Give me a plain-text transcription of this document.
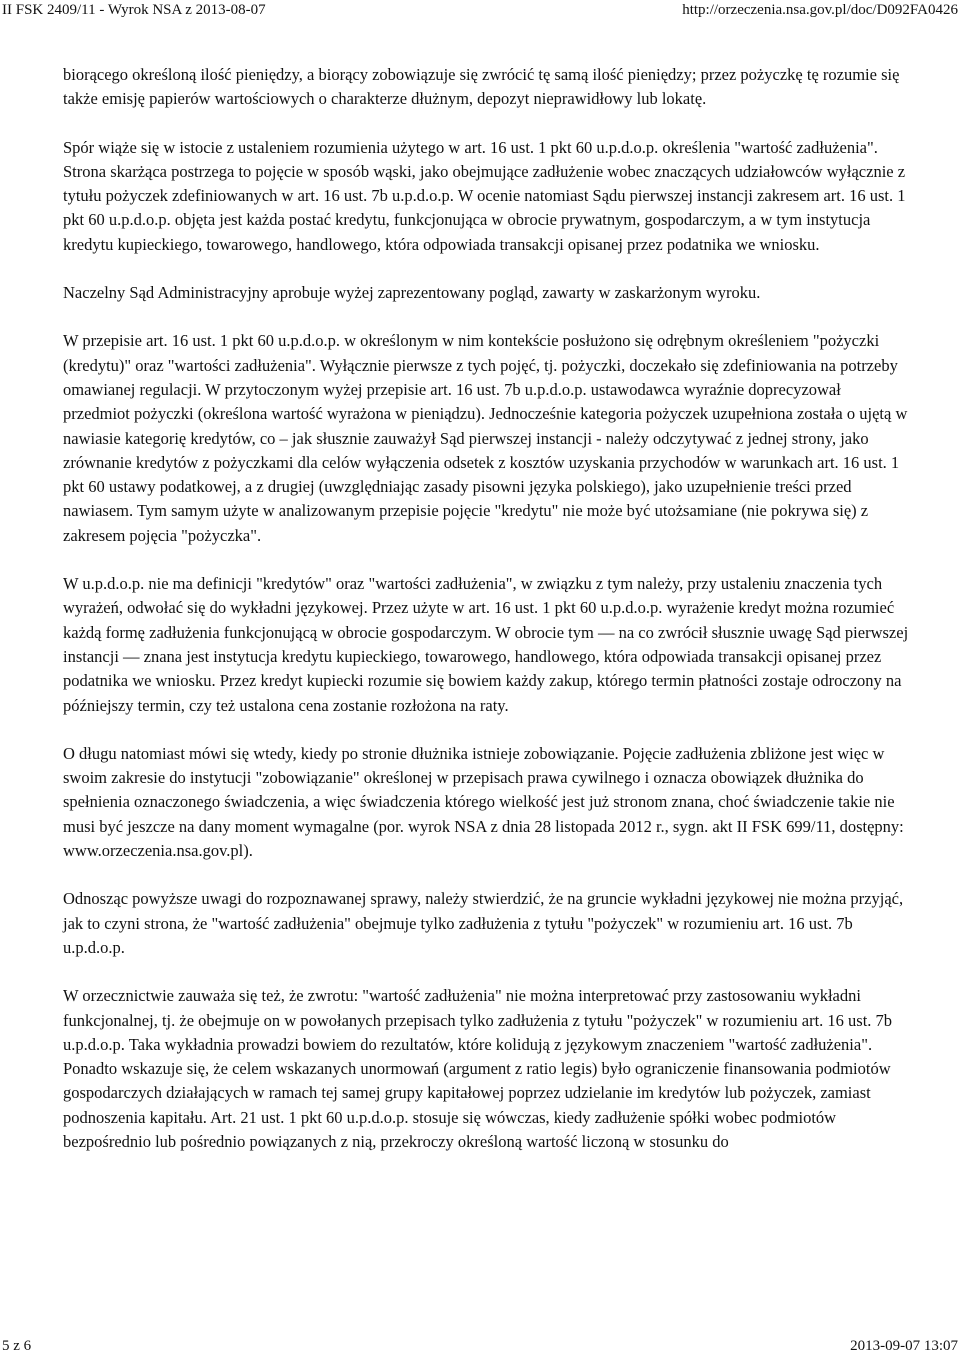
II FSK 2409/11 - Wyrok NSA z 2013-08-07	http://orzeczenia.nsa.gov.pl/doc/D092FA0426

biorącego określoną ilość pieniędzy, a biorący zobowiązuje się zwrócić tę samą ilość pieniędzy; przez pożyczkę tę rozumie się także emisję papierów wartościowych o charakterze dłużnym, depozyt nieprawidłowy lub lokatę.

Spór wiąże się w istocie z ustaleniem rozumienia użytego w art. 16 ust. 1 pkt 60 u.p.d.o.p. określenia "wartość zadłużenia". Strona skarżąca postrzega to pojęcie w sposób wąski, jako obejmujące zadłużenie wobec znaczących udziałowców wyłącznie z tytułu pożyczek zdefiniowanych w art. 16 ust. 7b u.p.d.o.p. W ocenie natomiast Sądu pierwszej instancji zakresem art. 16 ust. 1 pkt 60 u.p.d.o.p. objęta jest każda postać kredytu, funkcjonująca w obrocie prywatnym, gospodarczym, a w tym instytucja kredytu kupieckiego, towarowego, handlowego, która odpowiada transakcji opisanej przez podatnika we wniosku.

Naczelny Sąd Administracyjny aprobuje wyżej zaprezentowany pogląd, zawarty w zaskarżonym wyroku.

W przepisie art. 16 ust. 1 pkt 60 u.p.d.o.p. w określonym w nim kontekście posłużono się odrębnym określeniem "pożyczki (kredytu)" oraz "wartości zadłużenia". Wyłącznie pierwsze z tych pojęć, tj. pożyczki, doczekało się zdefiniowania na potrzeby omawianej regulacji. W przytoczonym wyżej przepisie art. 16 ust. 7b u.p.d.o.p. ustawodawca wyraźnie doprecyzował przedmiot pożyczki (określona wartość wyrażona w pieniądzu). Jednocześnie kategoria pożyczek uzupełniona została o ujętą w nawiasie kategorię kredytów, co – jak słusznie zauważył Sąd pierwszej instancji - należy odczytywać z jednej strony, jako zrównanie kredytów z pożyczkami dla celów wyłączenia odsetek z kosztów uzyskania przychodów w warunkach art. 16 ust. 1 pkt 60 ustawy podatkowej, a z drugiej (uwzględniając zasady pisowni języka polskiego), jako uzupełnienie treści przed nawiasem. Tym samym użyte w analizowanym przepisie pojęcie "kredytu" nie może być utożsamiane (nie pokrywa się) z zakresem pojęcia "pożyczka".

W u.p.d.o.p. nie ma definicji "kredytów" oraz "wartości zadłużenia", w związku z tym należy, przy ustaleniu znaczenia tych wyrażeń, odwołać się do wykładni językowej. Przez użyte w art. 16 ust. 1 pkt 60 u.p.d.o.p. wyrażenie kredyt można rozumieć każdą formę zadłużenia funkcjonującą w obrocie gospodarczym. W obrocie tym — na co zwrócił słusznie uwagę Sąd pierwszej instancji — znana jest instytucja kredytu kupieckiego, towarowego, handlowego, która odpowiada transakcji opisanej przez podatnika we wniosku. Przez kredyt kupiecki rozumie się bowiem każdy zakup, którego termin płatności zostaje odroczony na późniejszy termin, czy też ustalona cena zostanie rozłożona na raty.

O długu natomiast mówi się wtedy, kiedy po stronie dłużnika istnieje zobowiązanie. Pojęcie zadłużenia zbliżone jest więc w swoim zakresie do instytucji "zobowiązanie" określonej w przepisach prawa cywilnego i oznacza obowiązek dłużnika do spełnienia oznaczonego świadczenia, a więc świadczenia którego wielkość jest już stronom znana, choć świadczenie takie nie musi być jeszcze na dany moment wymagalne (por. wyrok NSA z dnia 28 listopada 2012 r., sygn. akt II FSK 699/11, dostępny: www.orzeczenia.nsa.gov.pl).

Odnosząc powyższe uwagi do rozpoznawanej sprawy, należy stwierdzić, że na gruncie wykładni językowej nie można przyjąć, jak to czyni strona, że "wartość zadłużenia" obejmuje tylko zadłużenia z tytułu "pożyczek" w rozumieniu art. 16 ust. 7b u.p.d.o.p.

W orzecznictwie zauważa się też, że zwrotu: "wartość zadłużenia" nie można interpretować przy zastosowaniu wykładni funkcjonalnej, tj. że obejmuje on w powołanych przepisach tylko zadłużenia z tytułu "pożyczek" w rozumieniu art. 16 ust. 7b u.p.d.o.p. Taka wykładnia prowadzi bowiem do rezultatów, które kolidują z językowym znaczeniem "wartość zadłużenia". Ponadto wskazuje się, że celem wskazanych unormowań (argument z ratio legis) było ograniczenie finansowania podmiotów gospodarczych działających w ramach tej samej grupy kapitałowej poprzez udzielanie im kredytów lub pożyczek, zamiast podnoszenia kapitału. Art. 21 ust. 1 pkt 60 u.p.d.o.p. stosuje się wówczas, kiedy zadłużenie spółki wobec podmiotów bezpośrednio lub pośrednio powiązanych z nią, przekroczy określoną wartość liczoną w stosunku do

5 z 6	2013-09-07 13:07
